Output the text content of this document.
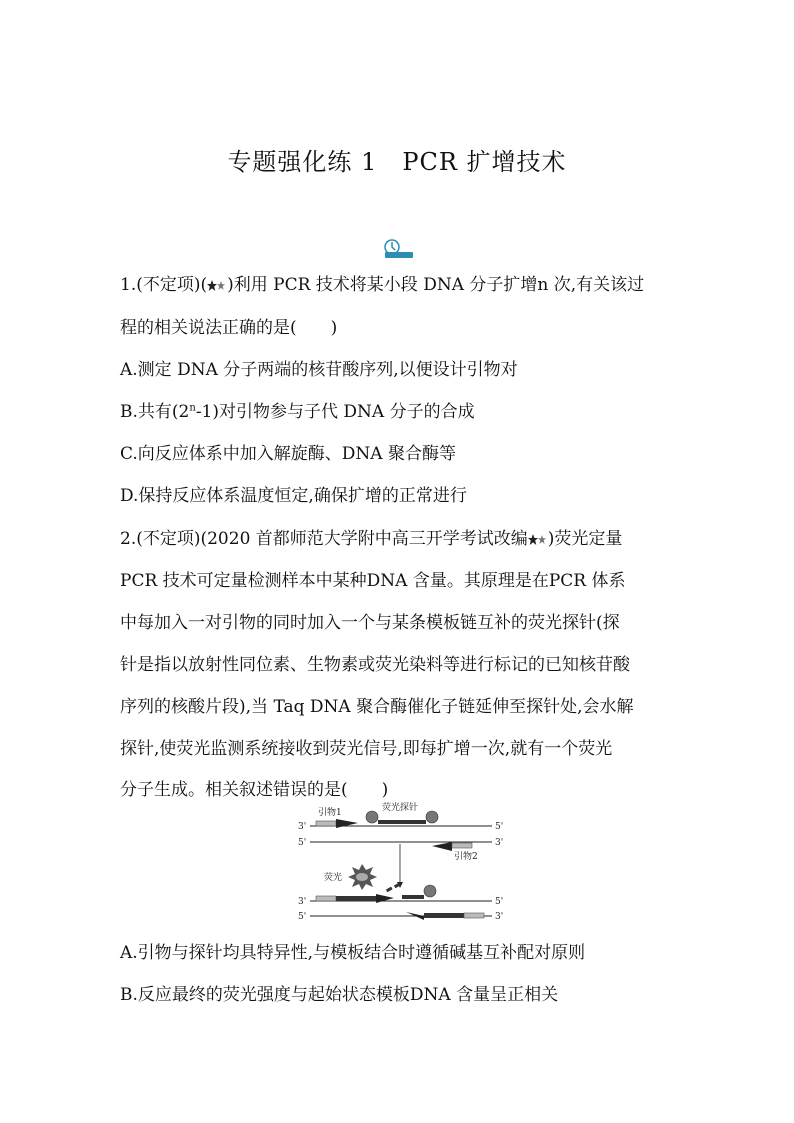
专题强化练 1　PCR 扩增技术
1.(不定项)( )利用 PCR 技术将某小段 DNA 分子扩增n 次,有关该过
程的相关说法正确的是(　　)
A.测定 DNA 分子两端的核苷酸序列,以便设计引物对
B.共有(2$^n$-1)对引物参与子代 DNA 分子的合成
C.向反应体系中加入解旋酶、DNA 聚合酶等
D.保持反应体系温度恒定,确保扩增的正常进行
2.(不定项)(2020 首都师范大学附中高三开学考试改编 )荧光定量
PCR 技术可定量检测样本中某种DNA 含量。其原理是在PCR 体系
中每加入一对引物的同时加入一个与某条模板链互补的荧光探针(探
针是指以放射性同位素、生物素或荧光染料等进行标记的已知核苷酸
序列的核酸片段),当 Taq DNA 聚合酶催化子链延伸至探针处,会水解
探针,使荧光监测系统接收到荧光信号,即每扩增一次,就有一个荧光
分子生成。相关叙述错误的是(　　)
3'	5'
5'	3'
引物1	荧光探针
引物2
3'	5'
5'	3'
荧光
A.引物与探针均具特异性,与模板结合时遵循碱基互补配对原则
B.反应最终的荧光强度与起始状态模板DNA 含量呈正相关
